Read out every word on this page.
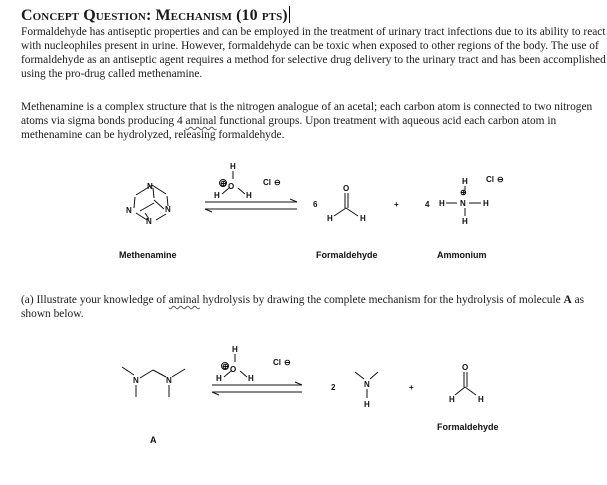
Concept Question: Mechanism (10 pts)

Formaldehyde has antiseptic properties and can be employed in the treatment of urinary tract infections due to its ability to react with nucleophiles present in urine. However, formaldehyde can be toxic when exposed to other regions of the body. The use of formaldehyde as an antiseptic agent requires a method for selective drug delivery to the urinary tract and has been accomplished using the pro-drug called methenamine.

Methenamine is a complex structure that is the nitrogen analogue of an acetal; each carbon atom is connected to two nitrogen atoms via sigma bonds producing 4 aminal functional groups. Upon treatment with aqueous acid each carbon atom in methenamine can be hydrolyzed, releasing formaldehyde.

(a) Illustrate your knowledge of aminal hydrolysis by drawing the complete mechanism for the hydrolysis of molecule A as shown below.

N
N	N
N
Methenamine
H
O
⊕
H	H
Cl ⊖
6
O
H	H
Formaldehyde
+	4
H
⊕
H N H
H
Cl ⊖
Ammonium
N	N
A
H
O
⊕
H	H
Cl ⊖
2	N
H
+
O
H	H
Formaldehyde
